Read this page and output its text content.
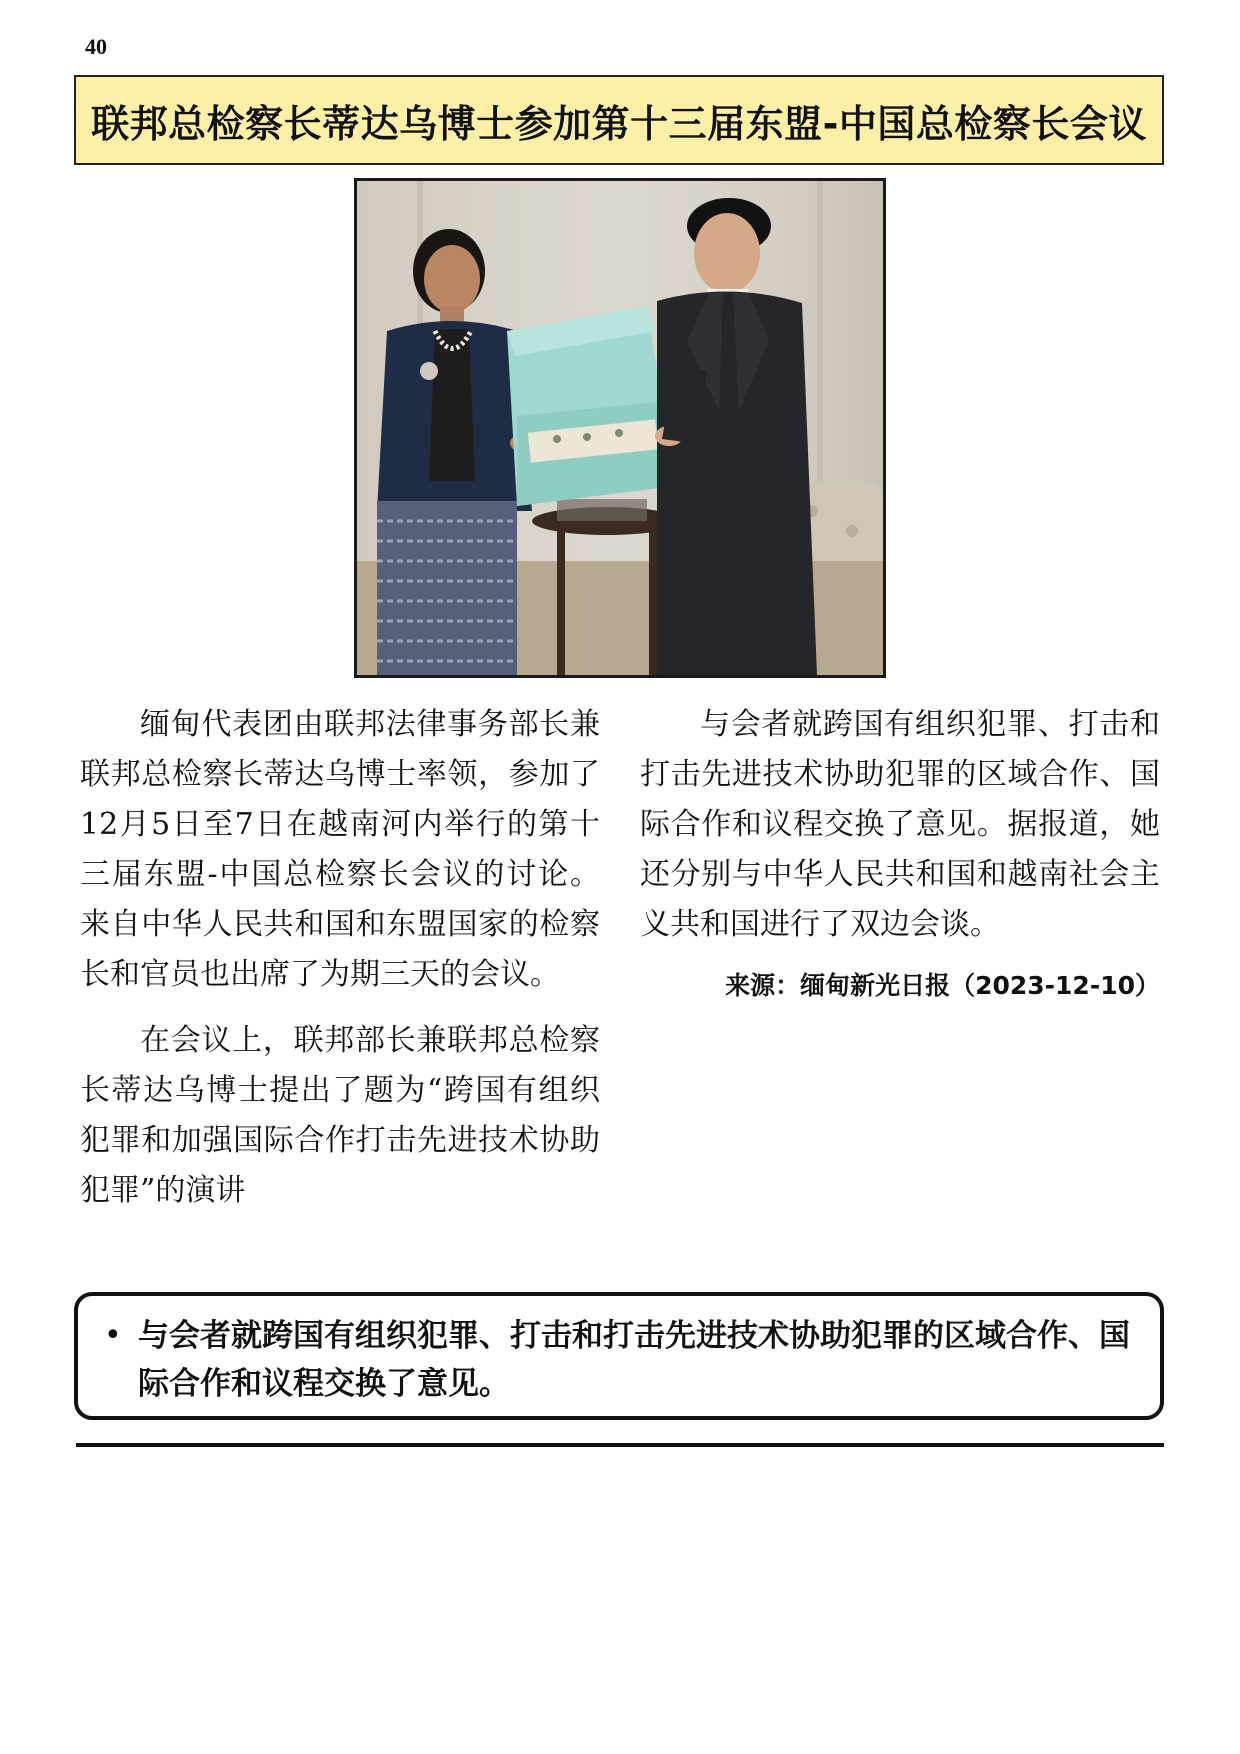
40
联邦总检察长蒂达乌博士参加第十三届东盟-中国总检察长会议

缅甸代表团由联邦法律事务部长兼联邦总检察长蒂达乌博士率领，参加了12月5日至7日在越南河内举行的第十三届东盟-中国总检察长会议的讨论。来自中华人民共和国和东盟国家的检察长和官员也出席了为期三天的会议。

在会议上，联邦部长兼联邦总检察长蒂达乌博士提出了题为“跨国有组织犯罪和加强国际合作打击先进技术协助犯罪”的演讲

与会者就跨国有组织犯罪、打击和打击先进技术协助犯罪的区域合作、国际合作和议程交换了意见。据报道，她还分别与中华人民共和国和越南社会主义共和国进行了双边会谈。

来源：缅甸新光日报（2023-12-10）
• 与会者就跨国有组织犯罪、打击和打击先进技术协助犯罪的区域合作、国际合作和议程交换了意见。
